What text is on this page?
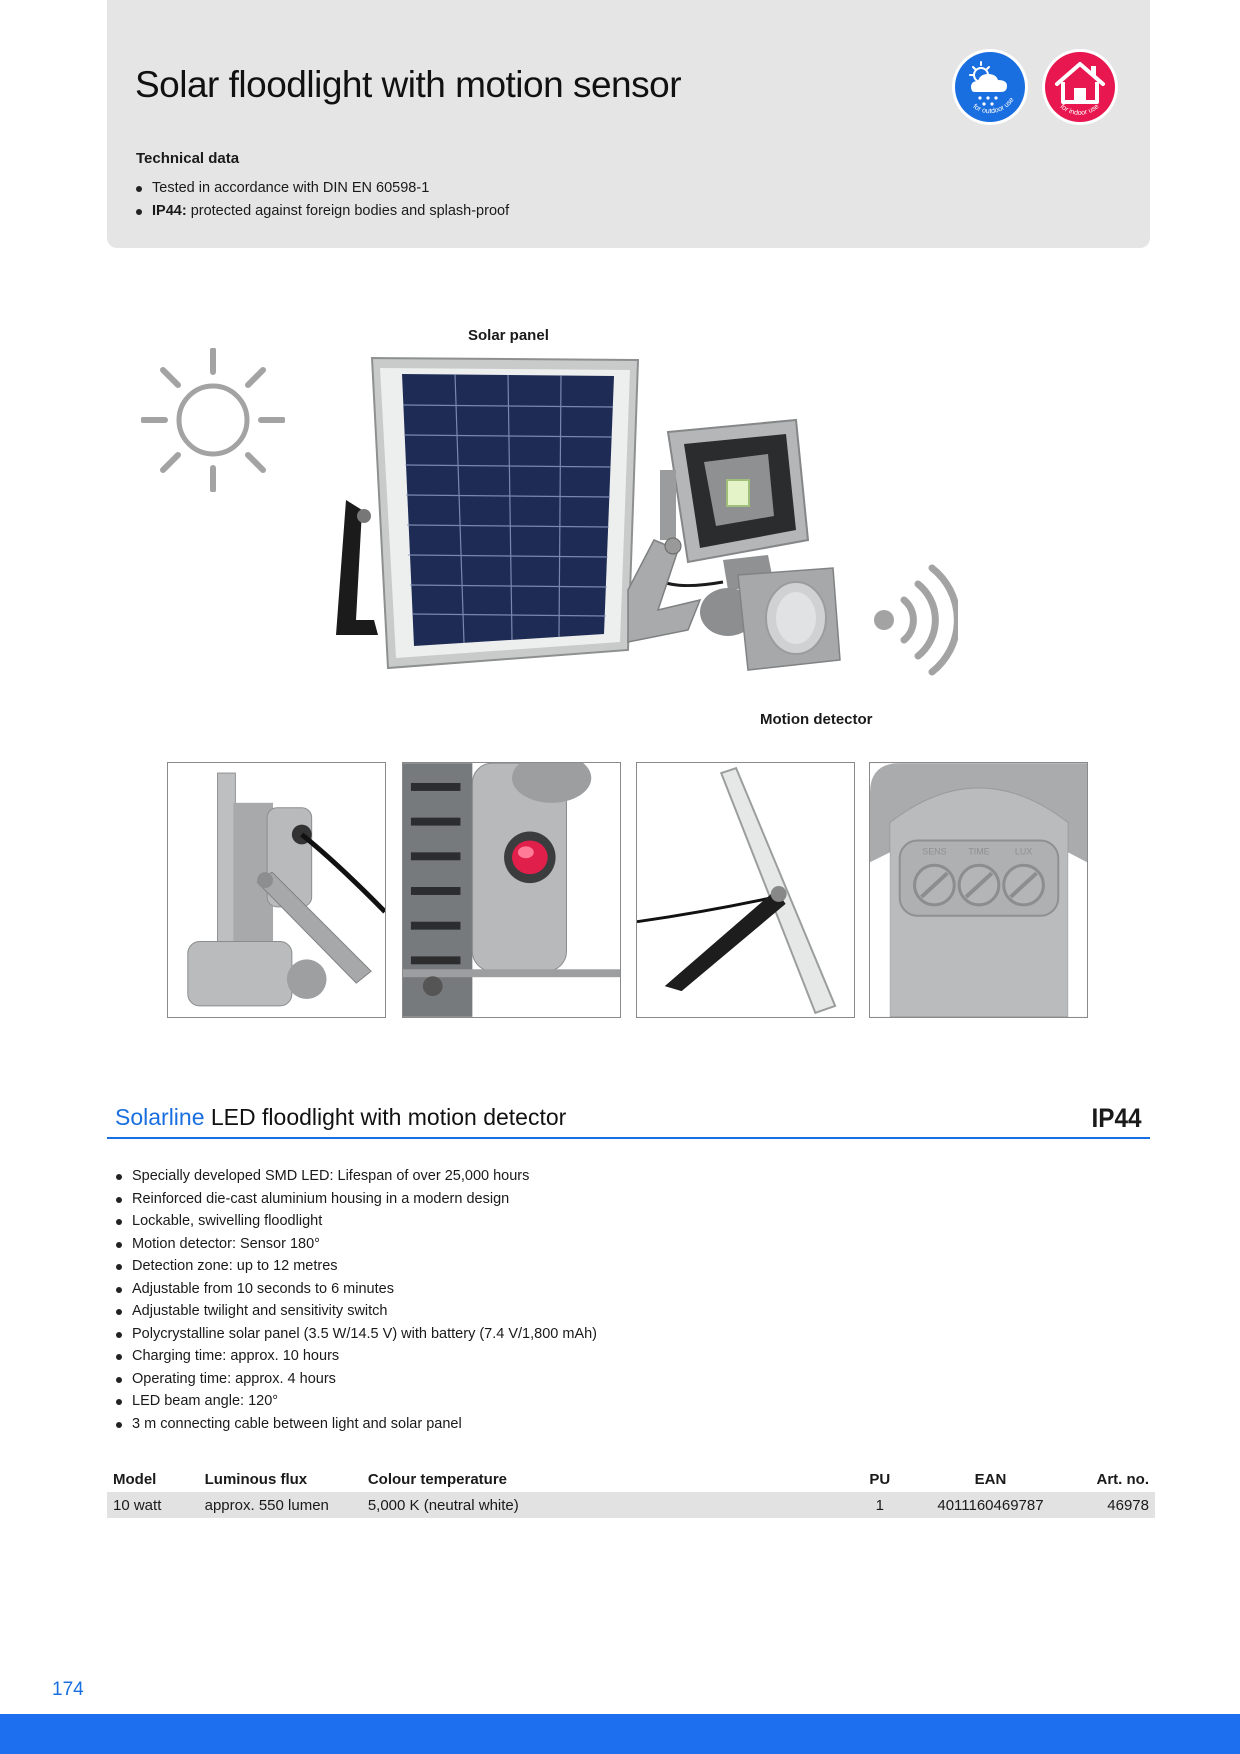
Solar floodlight with motion sensor
Technical data
Tested in accordance with DIN EN 60598-1
IP44: protected against foreign bodies and splash-proof
for outdoor use
for indoor use
Solar panel
Motion detector
SENS TIME	LUX
Solarline LED floodlight with motion detector	IP44
Specially developed SMD LED: Lifespan of over 25,000 hours
Reinforced die-cast aluminium housing in a modern design
Lockable, swivelling floodlight
Motion detector: Sensor 180°
Detection zone: up to 12 metres
Adjustable from 10 seconds to 6 minutes
Adjustable twilight and sensitivity switch
Polycrystalline solar panel (3.5 W/14.5 V) with battery (7.4 V/1,800 mAh)
Charging time: approx. 10 hours
Operating time: approx. 4 hours
LED beam angle: 120°
3 m connecting cable between light and solar panel
Model	Luminous flux	Colour temperature	PU	EAN	Art. no.
10 watt	approx. 550 lumen	5,000 K (neutral white)	1	4011160469787	46978
174
